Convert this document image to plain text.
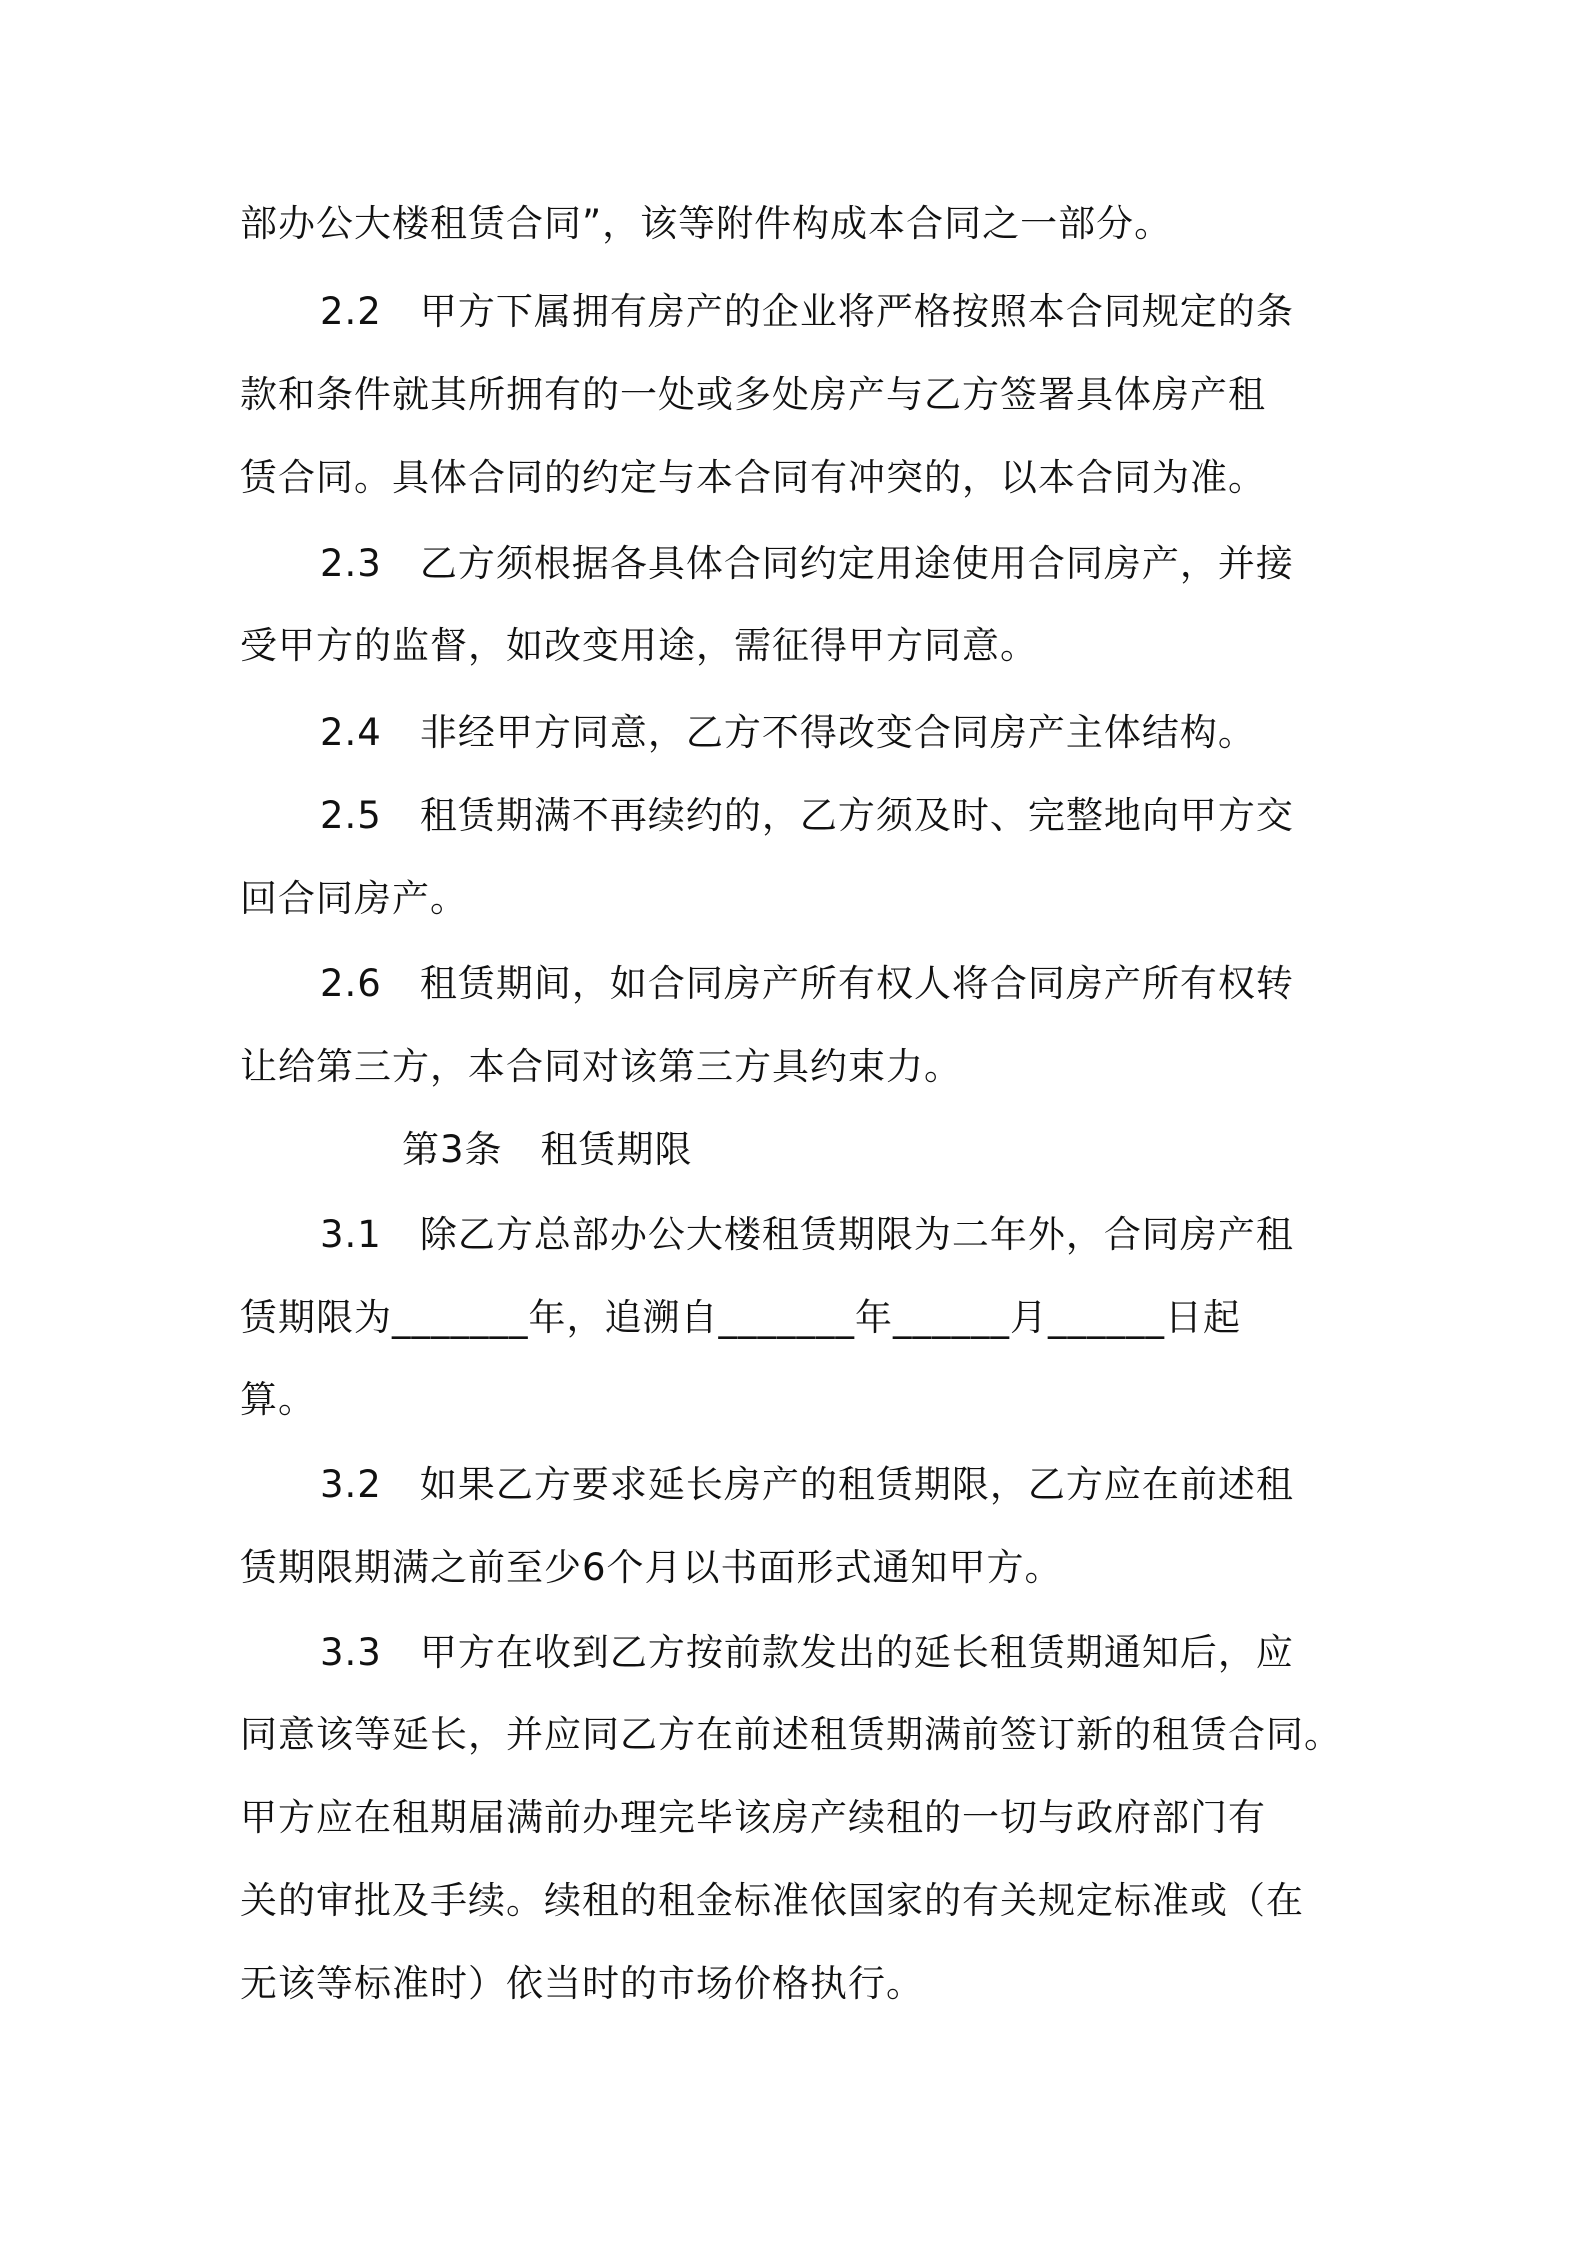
部办公大楼租赁合同”，该等附件构成本合同之一部分。
2.2　甲方下属拥有房产的企业将严格按照本合同规定的条
款和条件就其所拥有的一处或多处房产与乙方签署具体房产租
赁合同。具体合同的约定与本合同有冲突的，以本合同为准。
2.3　乙方须根据各具体合同约定用途使用合同房产，并接
受甲方的监督，如改变用途，需征得甲方同意。
2.4　非经甲方同意，乙方不得改变合同房产主体结构。
2.5　租赁期满不再续约的，乙方须及时、完整地向甲方交
回合同房产。
2.6　租赁期间，如合同房产所有权人将合同房产所有权转
让给第三方，本合同对该第三方具约束力。
第3条　租赁期限
3.1　除乙方总部办公大楼租赁期限为二年外，合同房产租
赁期限为_______年，追溯自_______年______月______日起
算。
3.2　如果乙方要求延长房产的租赁期限，乙方应在前述租
赁期限期满之前至少6个月以书面形式通知甲方。
3.3　甲方在收到乙方按前款发出的延长租赁期通知后，应
同意该等延长，并应同乙方在前述租赁期满前签订新的租赁合同。
甲方应在租期届满前办理完毕该房产续租的一切与政府部门有
关的审批及手续。续租的租金标准依国家的有关规定标准或（在
无该等标准时）依当时的市场价格执行。
